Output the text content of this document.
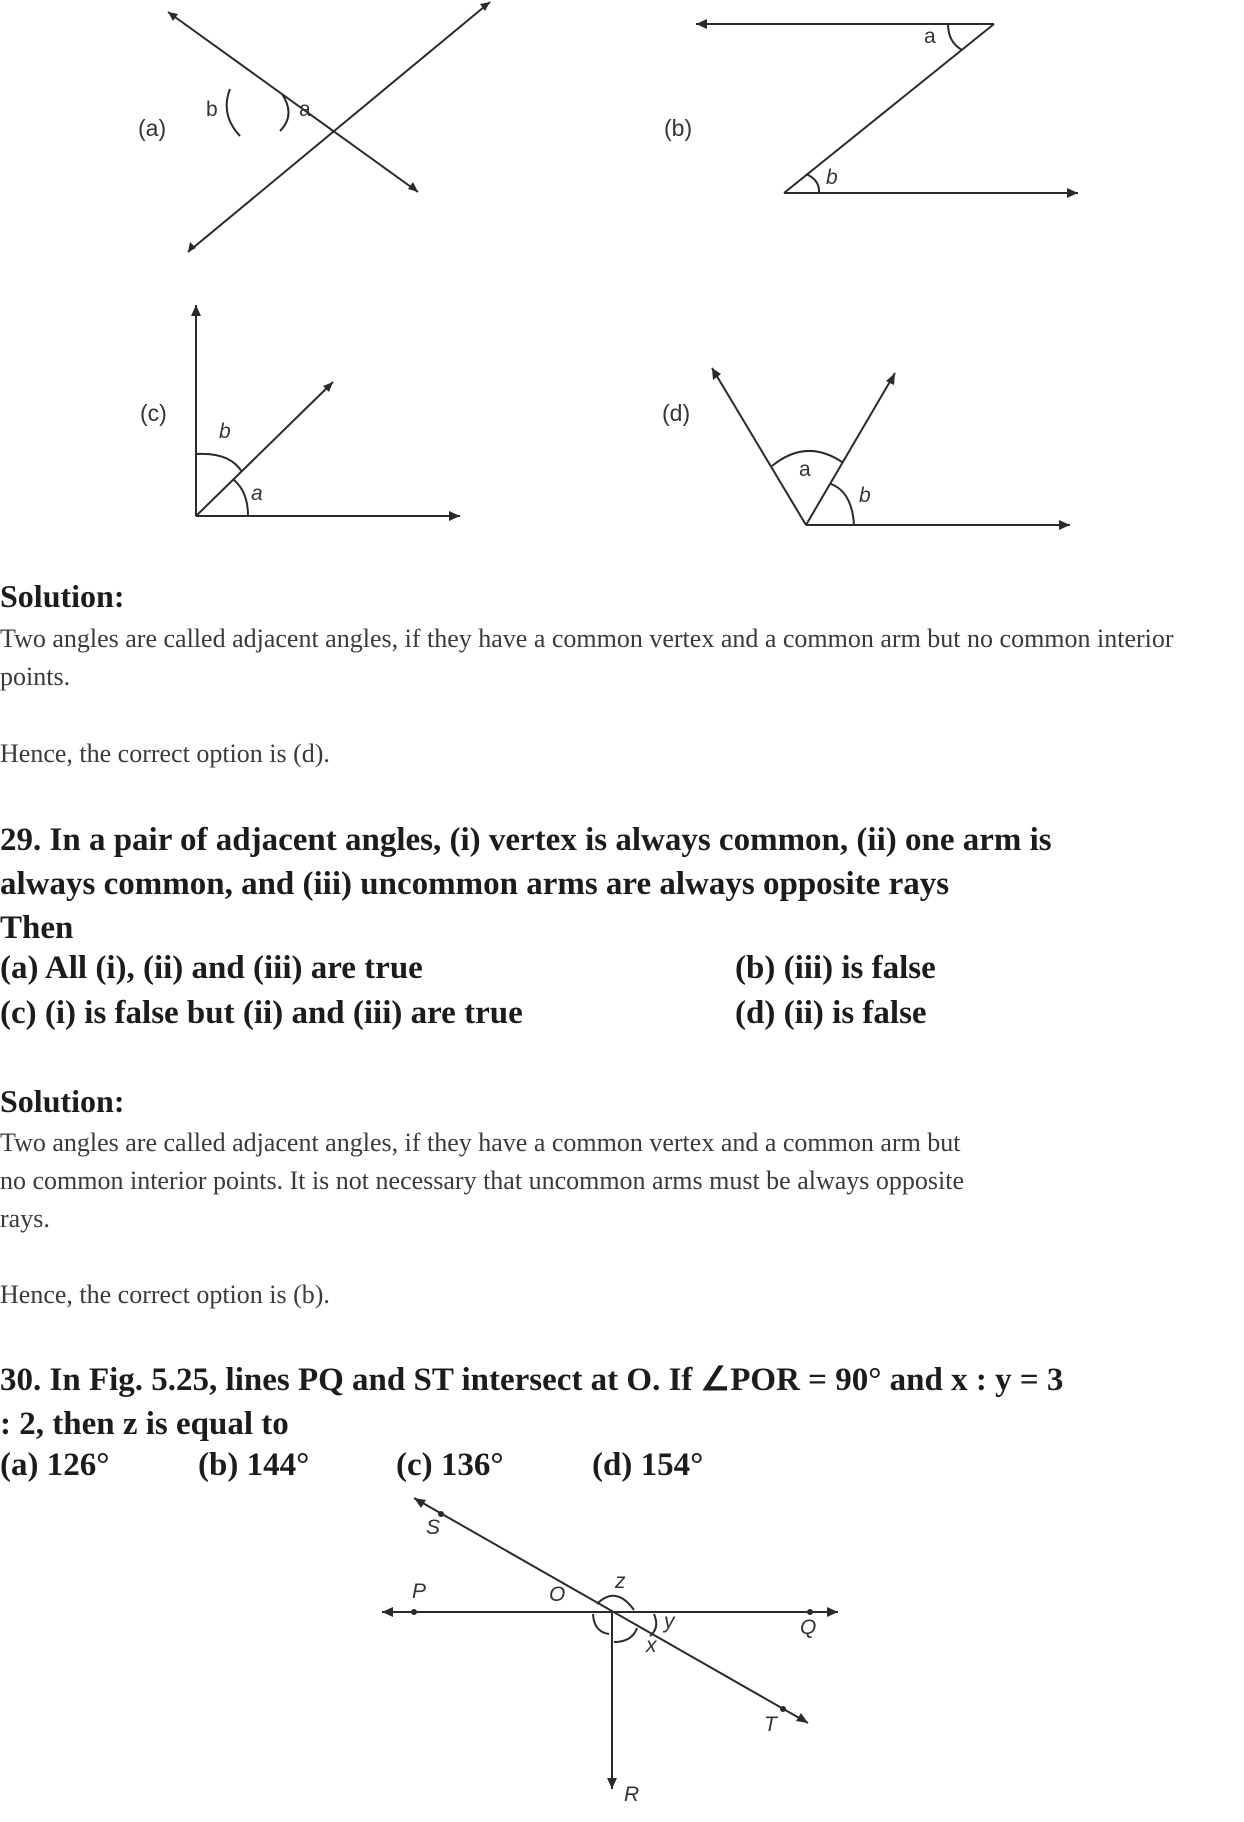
(a)
b	a
(b)
a
b
(c)
b
a
(d)
a
b
Solution:
Two angles are called adjacent angles, if they have a common vertex and a common arm but no common interior points.
Hence, the correct option is (d).
29. In a pair of adjacent angles, (i) vertex is always common, (ii) one arm is
always common, and (iii) uncommon arms are always opposite rays
Then
(a) All (i), (ii) and (iii) are true	(b) (iii) is false
(c) (i) is false but (ii) and (iii) are true	(d) (ii) is false
Solution:
Two angles are called adjacent angles, if they have a common vertex and a common arm but
no common interior points. It is not necessary that uncommon arms must be always opposite
rays.
Hence, the correct option is (b).
30. In Fig. 5.25, lines PQ and ST intersect at O. If ∠POR = 90° and x : y = 3
: 2, then z is equal to
(a) 126°	(b) 144°	(c) 136°	(d) 154°
S
P	O
z
y
x
Q
T
R
